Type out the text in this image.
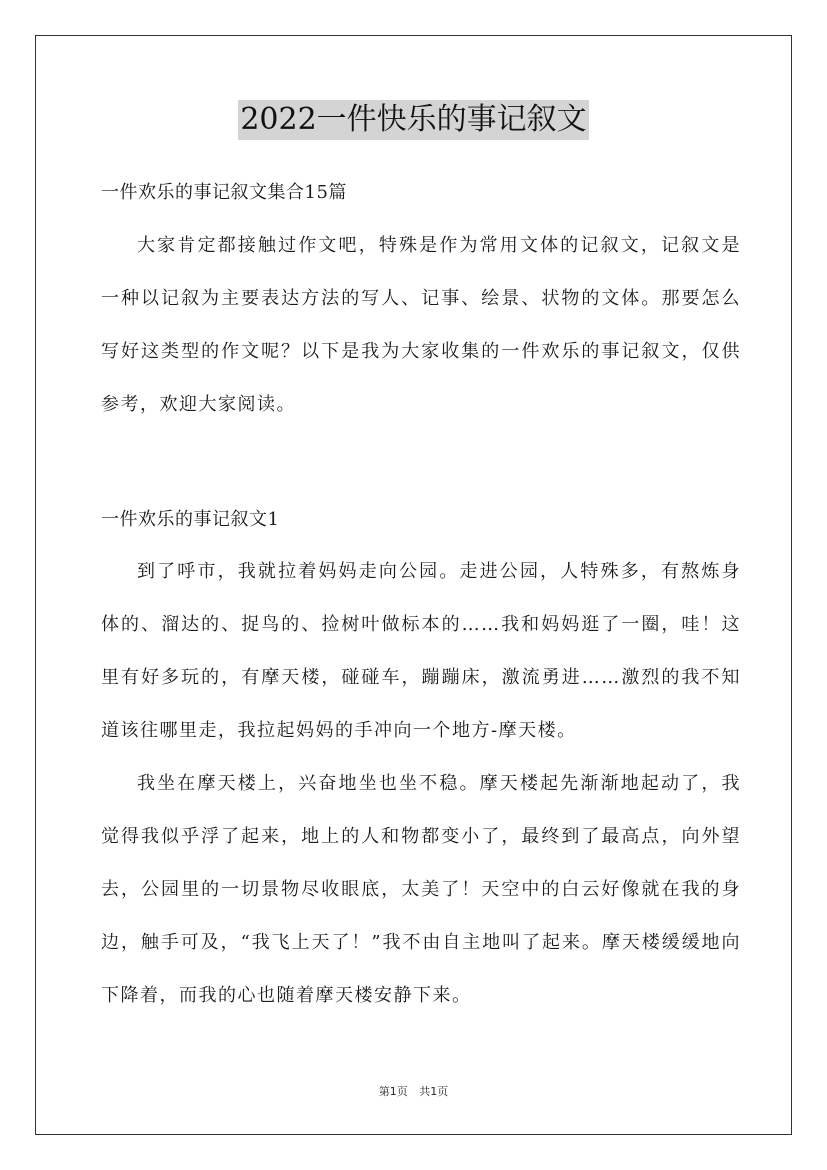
2022一件快乐的事记叙文
一件欢乐的事记叙文集合15篇

大家肯定都接触过作文吧，特殊是作为常用文体的记叙文，记叙文是一种以记叙为主要表达方法的写人、记事、绘景、状物的文体。那要怎么写好这类型的作文呢？以下是我为大家收集的一件欢乐的事记叙文，仅供参考，欢迎大家阅读。

一件欢乐的事记叙文1

到了呼市，我就拉着妈妈走向公园。走进公园，人特殊多，有熬炼身体的、溜达的、捉鸟的、捡树叶做标本的……我和妈妈逛了一圈，哇！这里有好多玩的，有摩天楼，碰碰车，蹦蹦床，激流勇进……激烈的我不知道该往哪里走，我拉起妈妈的手冲向一个地方-摩天楼。

我坐在摩天楼上，兴奋地坐也坐不稳。摩天楼起先渐渐地起动了，我觉得我似乎浮了起来，地上的人和物都变小了，最终到了最高点，向外望去，公园里的一切景物尽收眼底，太美了！天空中的白云好像就在我的身边，触手可及，“我飞上天了！”我不由自主地叫了起来。摩天楼缓缓地向下降着，而我的心也随着摩天楼安静下来。

第1页 共1页
